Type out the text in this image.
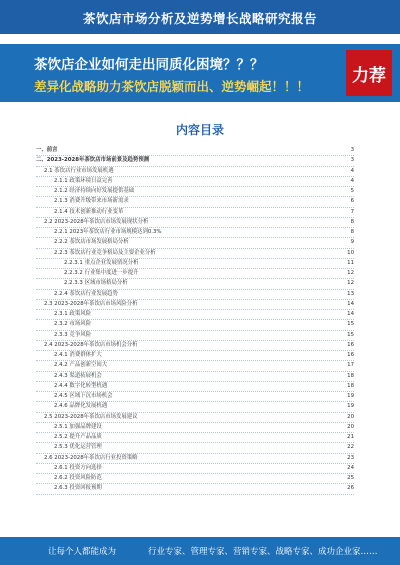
茶饮店市场分析及逆势增长战略研究报告
茶饮店企业如何走出同质化困境？？？
差异化战略助力茶饮店脱颖而出、逆势崛起！！！
力荐
内容目录
一、前言	3
二、2023-2028年茶饮店市场前景及趋势预测	3
2.1 茶饮店行业市场发展机遇	4
2.1.1 政策环境日益完善	4
2.1.2 经济持续向好发展提供基础	5
2.1.3 消费升级带来市场新需求	6
2.1.4 技术创新推动行业变革	7
2.2 2023-2028年茶饮店市场发展现状分析	8
2.2.1 2023年茶饮店行业市场规模达到0.3%	8
2.2.2 茶饮店市场发展格局分析	9
2.2.3 茶饮店行业竞争格局及主要企业分析	10
2.2.3.1 重点企业发展情况分析	11
2.2.3.2 行业集中度进一步提升	12
2.2.3.3 区域市场格局分析	12
2.2.4 茶饮店行业发展趋势	13
2.3 2023-2028年茶饮店市场风险分析	14
2.3.1 政策风险	14
2.3.2 市场风险	15
2.3.3 竞争风险	15
2.4 2023-2028年茶饮店市场机会分析	16
2.4.1 消费群体扩大	16
2.4.2 产品创新空间大	17
2.4.3 渠道拓展机会	18
2.4.4 数字化转型机遇	18
2.4.5 区域下沉市场机会	19
2.4.6 品牌化发展机遇	19
2.5 2023-2028年茶饮店市场发展建议	20
2.5.1 加强品牌建设	20
2.5.2 提升产品品质	21
2.5.3 优化运营管理	22
2.6 2023-2028年茶饮店行业投资策略	23
2.6.1 投资方向选择	24
2.6.2 投资风险防范	25
2.6.3 投资回报预期	26
让每个人都能成为	行业专家、管理专家、营销专家、战略专家、成功企业家……
